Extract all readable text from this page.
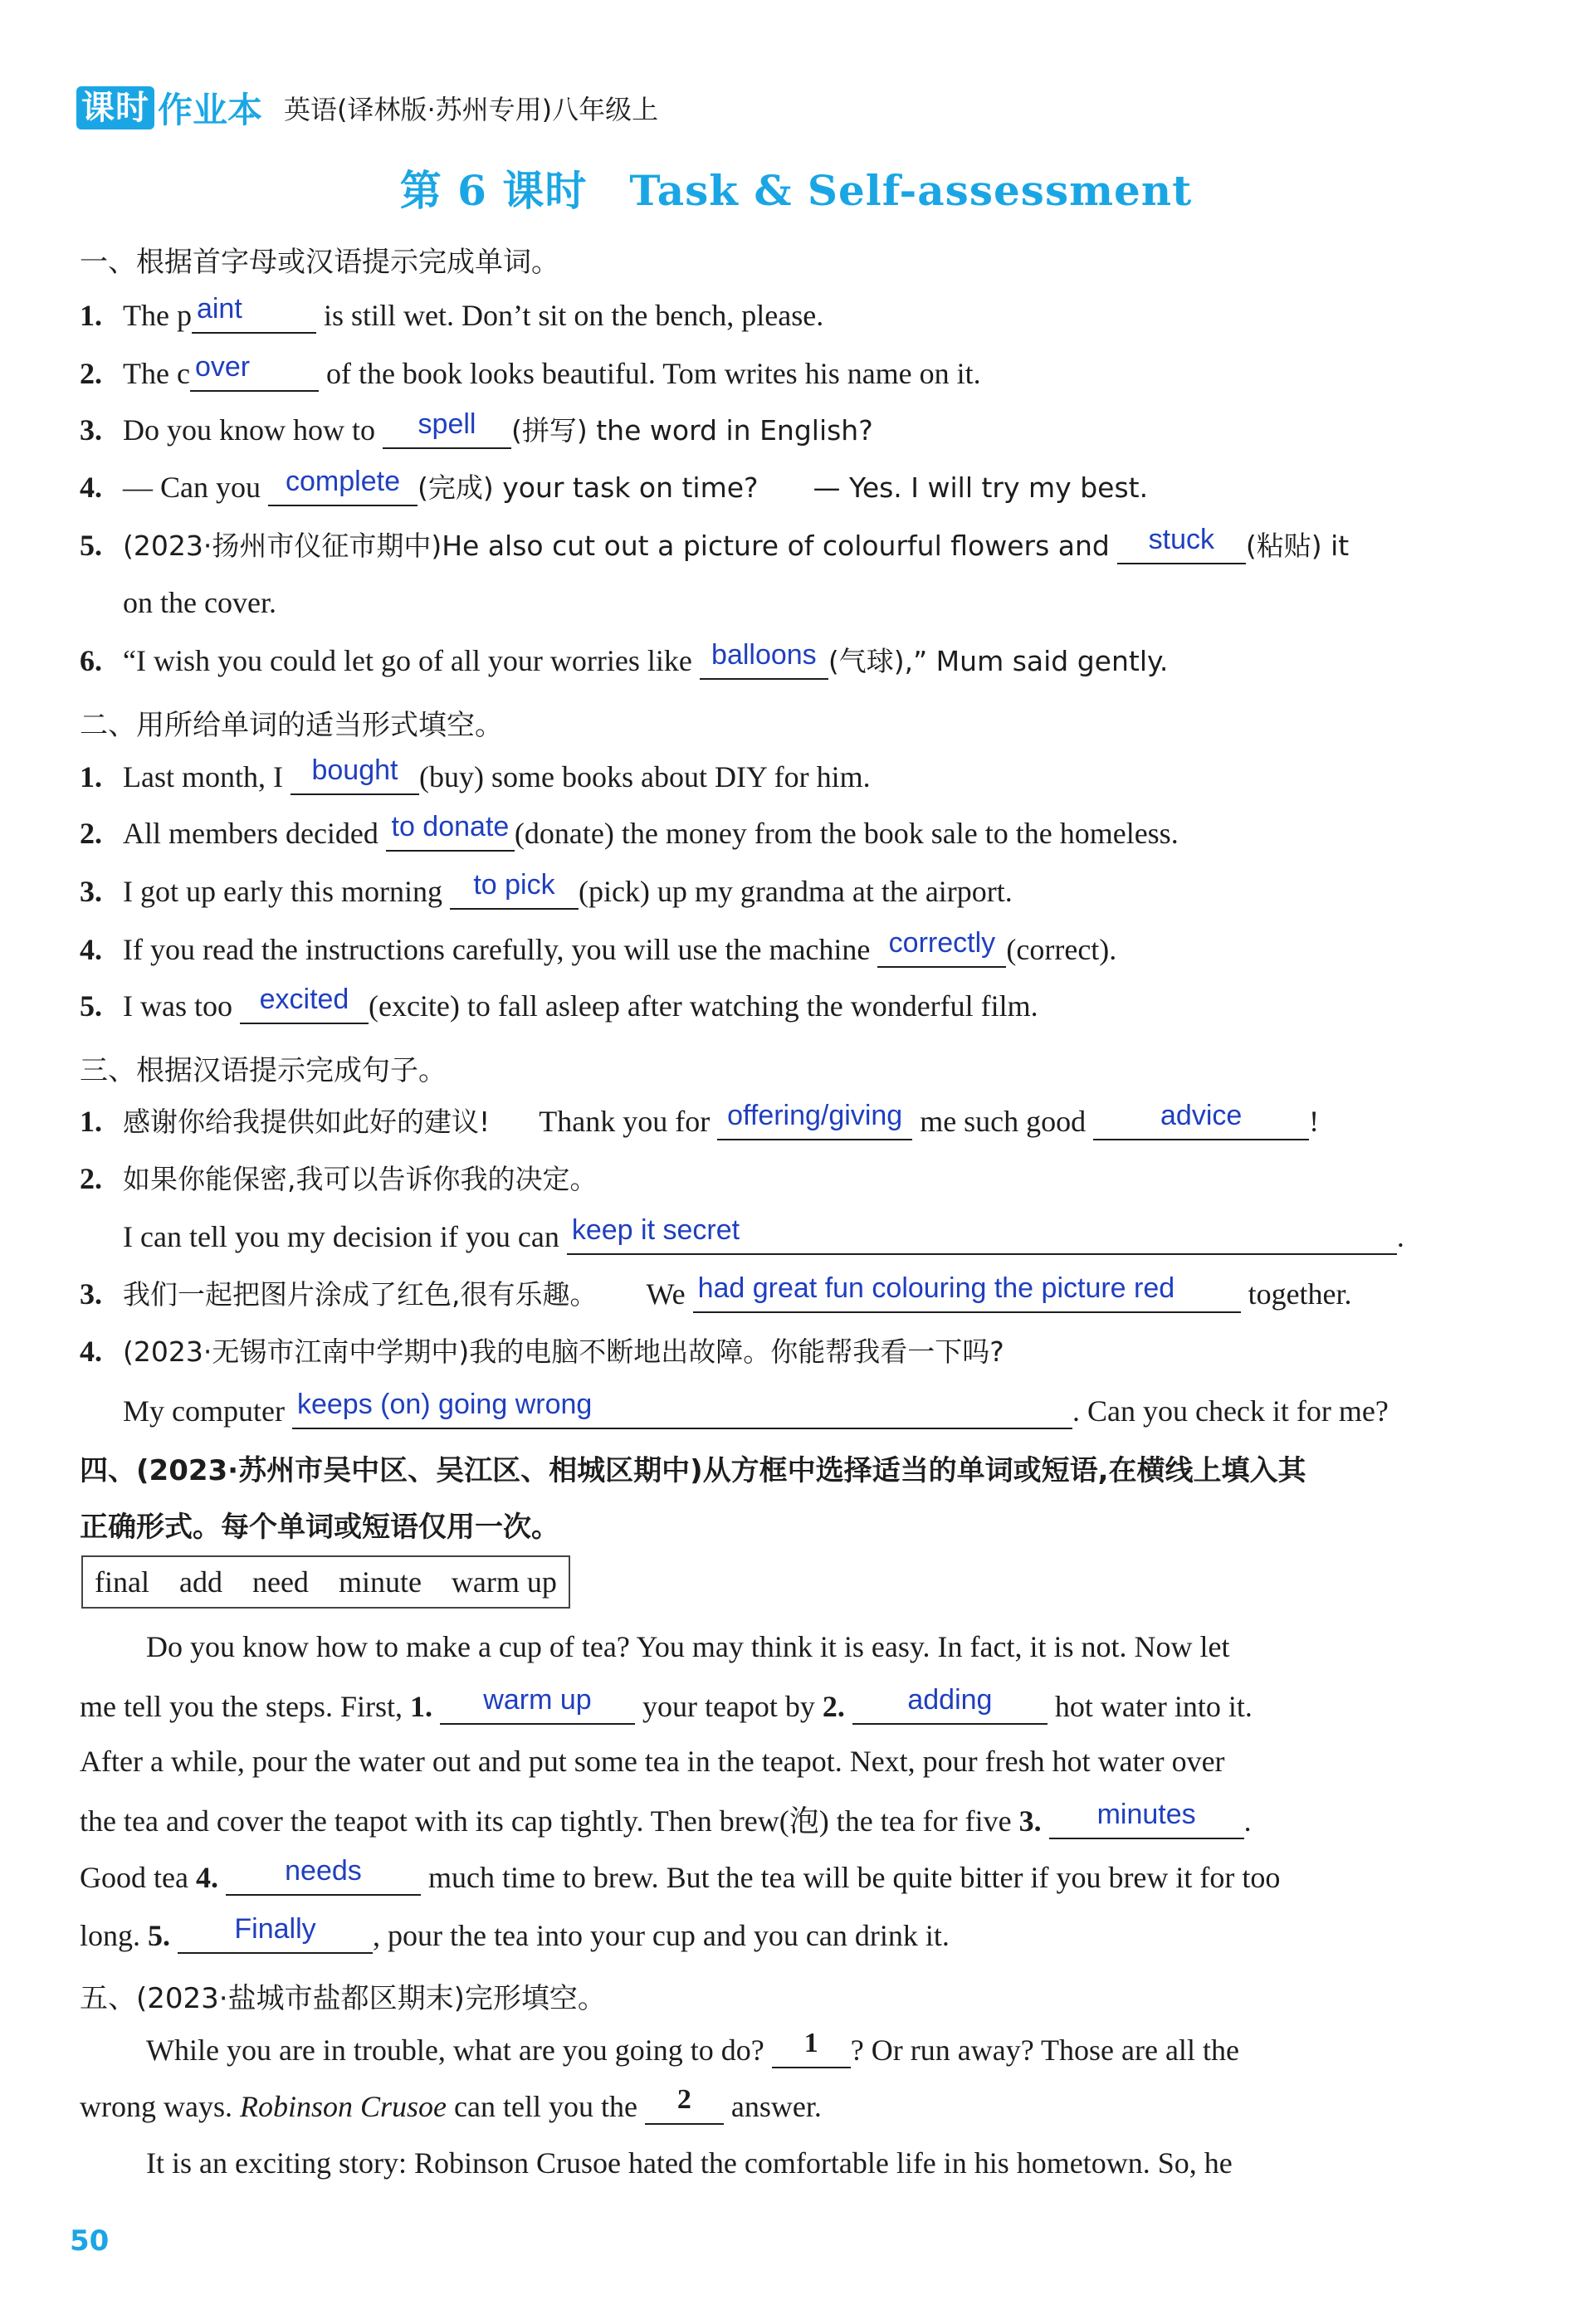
课时 作业本 英语(译林版·苏州专用)八年级上
第 6 课时　Task & Self-assessment
一、根据首字母或汉语提示完成单词。
1. The p aint	is still wet. Don’t sit on the bench, please.
2. The c over	of the book looks beautiful. Tom writes his name on it.
3. Do you know how to	spell	(拼写) the word in English?
4. — Can you complete (完成) your task on time?　　— Yes. I will try my best.
5. (2023·扬州市仪征市期中)He also cut out a picture of colourful flowers and	stuck	(粘贴) it
on the cover.
6. “I wish you could let go of all your worries like balloons (气球),” Mum said gently.
二、用所给单词的适当形式填空。
1. Last month, I	bought (buy) some books about DIY for him.
2. All members decided to donate (donate) the money from the book sale to the homeless.
3. I got up early this morning	to pick (pick) up my grandma at the airport.
4. If you read the instructions carefully, you will use the machine correctly (correct).
5. I was too excited (excite) to fall asleep after watching the wonderful film.
三、根据汉语提示完成句子。
1. 感谢你给我提供如此好的建议! Thank you for offering/giving me such good	advice	!
2. 如果你能保密,我可以告诉你我的决定。
I can tell you my decision if you can keep it secret	.
3. 我们一起把图片涂成了红色,很有乐趣。 We had great fun colouring the picture red	together.
4. (2023·无锡市江南中学期中)我的电脑不断地出故障。你能帮我看一下吗?
My computer keeps (on) going wrong	. Can you check it for me?
四、(2023·苏州市吴中区、吴江区、相城区期中)从方框中选择适当的单词或短语,在横线上填入其
正确形式。每个单词或短语仅用一次。
final add need minute warm up
Do you know how to make a cup of tea? You may think it is easy. In fact, it is not. Now let
me tell you the steps. First, 1.	warm up	your teapot by 2.	adding	hot water into it.
After a while, pour the water out and put some tea in the teapot. Next, pour fresh hot water over
the tea and cover the teapot with its cap tightly. Then brew(泡) the tea for five 3.	minutes	.
Good tea 4.	needs	much time to brew. But the tea will be quite bitter if you brew it for too
long. 5.	Finally	, pour the tea into your cup and you can drink it.
五、(2023·盐城市盐都区期末)完形填空。
While you are in trouble, what are you going to do?	1	? Or run away? Those are all the
wrong ways. Robinson Crusoe can tell you the	2	answer.
It is an exciting story: Robinson Crusoe hated the comfortable life in his hometown. So, he
50
